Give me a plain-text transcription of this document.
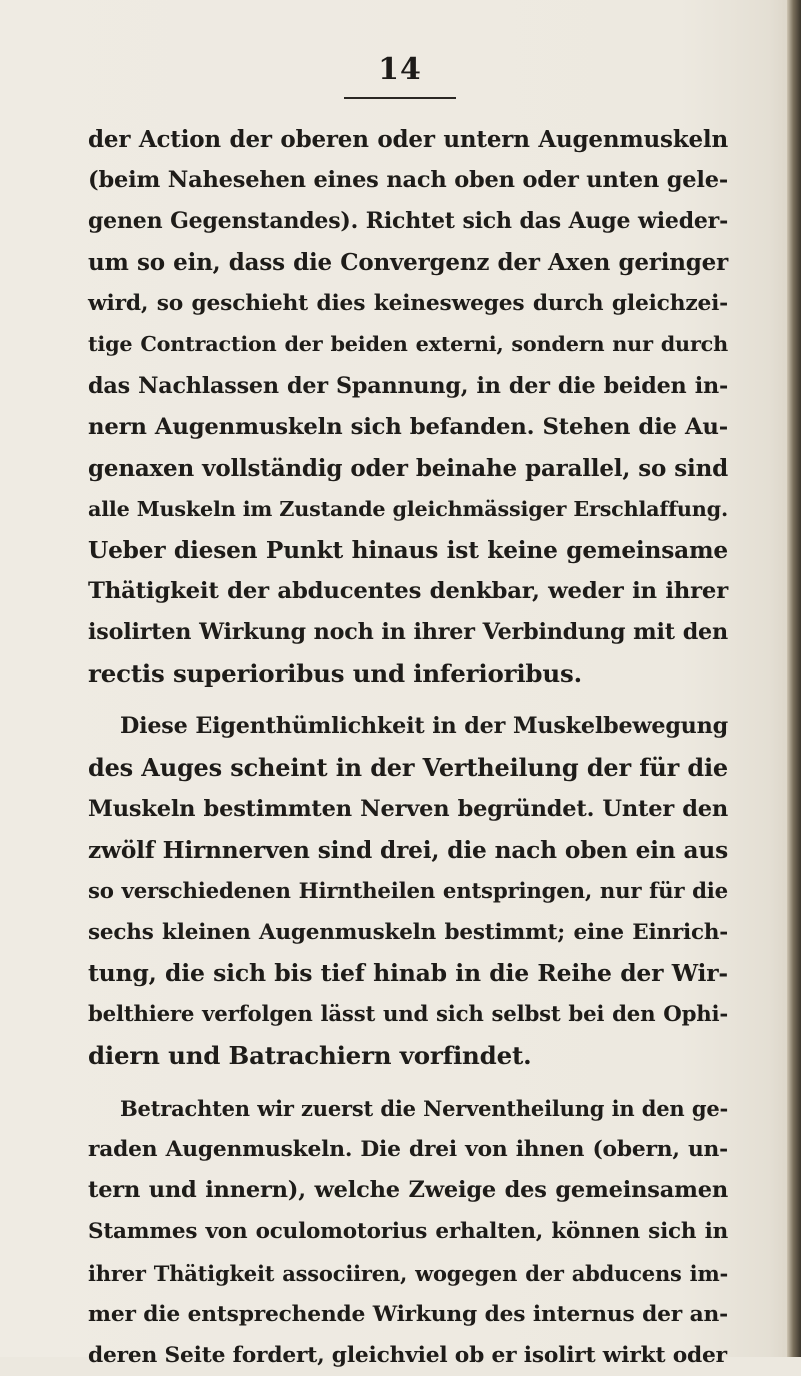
14
der Action der oberen oder untern Augenmuskeln
(beim Nahesehen eines nach oben oder unten gele-
genen Gegenstandes). Richtet sich das Auge wieder-
um so ein, dass die Convergenz der Axen geringer
wird, so geschieht dies keinesweges durch gleichzei-
tige Contraction der beiden externi, sondern nur durch
das Nachlassen der Spannung, in der die beiden in-
nern Augenmuskeln sich befanden. Stehen die Au-
genaxen vollständig oder beinahe parallel, so sind
alle Muskeln im Zustande gleichmässiger Erschlaffung.
Ueber diesen Punkt hinaus ist keine gemeinsame
Thätigkeit der abducentes denkbar, weder in ihrer
isolirten Wirkung noch in ihrer Verbindung mit den
rectis superioribus und inferioribus.
Diese Eigenthümlichkeit in der Muskelbewegung
des Auges scheint in der Vertheilung der für die
Muskeln bestimmten Nerven begründet. Unter den
zwölf Hirnnerven sind drei, die nach oben ein aus
so verschiedenen Hirntheilen entspringen, nur für die
sechs kleinen Augenmuskeln bestimmt; eine Einrich-
tung, die sich bis tief hinab in die Reihe der Wir-
belthiere verfolgen lässt und sich selbst bei den Ophi-
diern und Batrachiern vorfindet.
Betrachten wir zuerst die Nerventheilung in den ge-
raden Augenmuskeln. Die drei von ihnen (obern, un-
tern und innern), welche Zweige des gemeinsamen
Stammes von oculomotorius erhalten, können sich in
ihrer Thätigkeit associiren, wogegen der abducens im-
mer die entsprechende Wirkung des internus der an-
deren Seite fordert, gleichviel ob er isolirt wirkt oder
